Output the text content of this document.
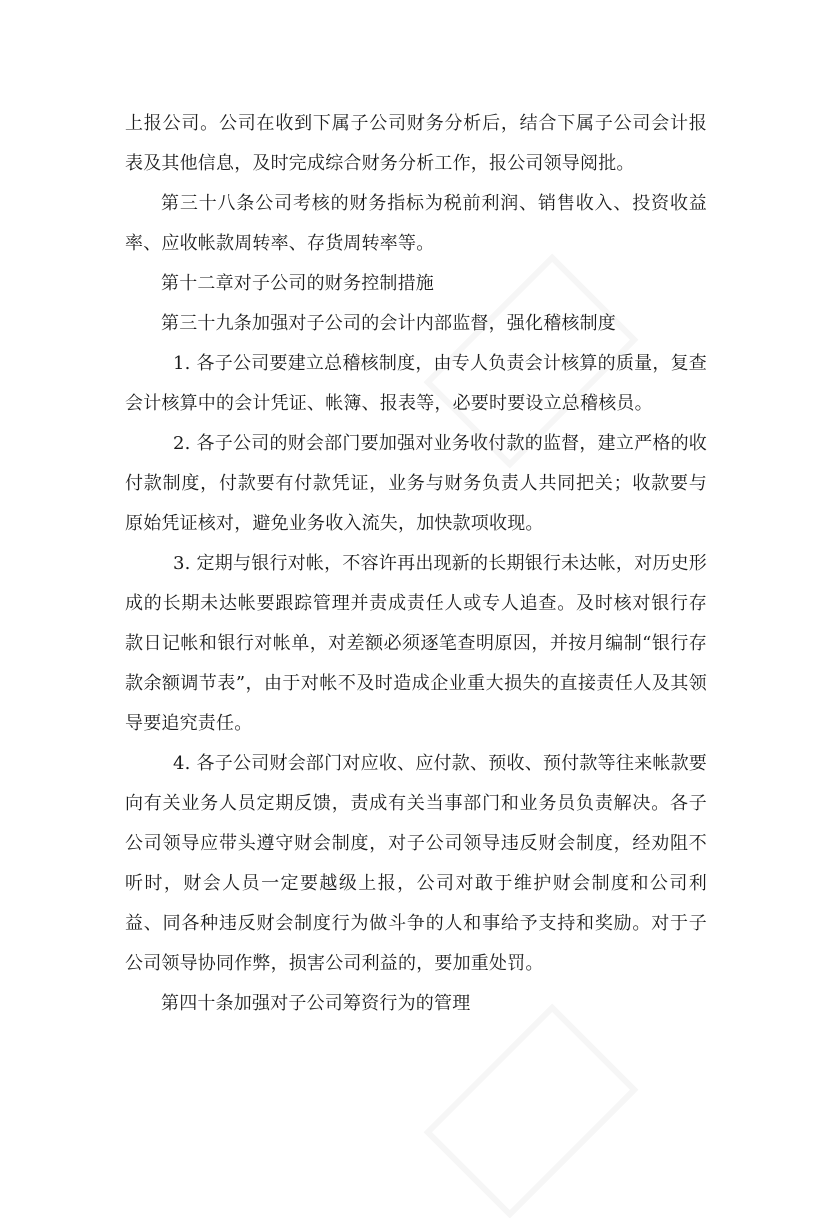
上报公司。公司在收到下属子公司财务分析后，结合下属子公司会计报表及其他信息，及时完成综合财务分析工作，报公司领导阅批。

第三十八条公司考核的财务指标为税前利润、销售收入、投资收益率、应收帐款周转率、存货周转率等。

第十二章对子公司的财务控制措施

第三十九条加强对子公司的会计内部监督，强化稽核制度

1. 各子公司要建立总稽核制度，由专人负责会计核算的质量，复查会计核算中的会计凭证、帐簿、报表等，必要时要设立总稽核员。

2. 各子公司的财会部门要加强对业务收付款的监督，建立严格的收付款制度，付款要有付款凭证，业务与财务负责人共同把关；收款要与原始凭证核对，避免业务收入流失，加快款项收现。

3. 定期与银行对帐，不容许再出现新的长期银行未达帐，对历史形成的长期未达帐要跟踪管理并责成责任人或专人追查。及时核对银行存款日记帐和银行对帐单，对差额必须逐笔查明原因，并按月编制“银行存款余额调节表”，由于对帐不及时造成企业重大损失的直接责任人及其领导要追究责任。

4. 各子公司财会部门对应收、应付款、预收、预付款等往来帐款要向有关业务人员定期反馈，责成有关当事部门和业务员负责解决。各子公司领导应带头遵守财会制度，对子公司领导违反财会制度，经劝阻不听时，财会人员一定要越级上报，公司对敢于维护财会制度和公司利益、同各种违反财会制度行为做斗争的人和事给予支持和奖励。对于子公司领导协同作弊，损害公司利益的，要加重处罚。

第四十条加强对子公司筹资行为的管理
